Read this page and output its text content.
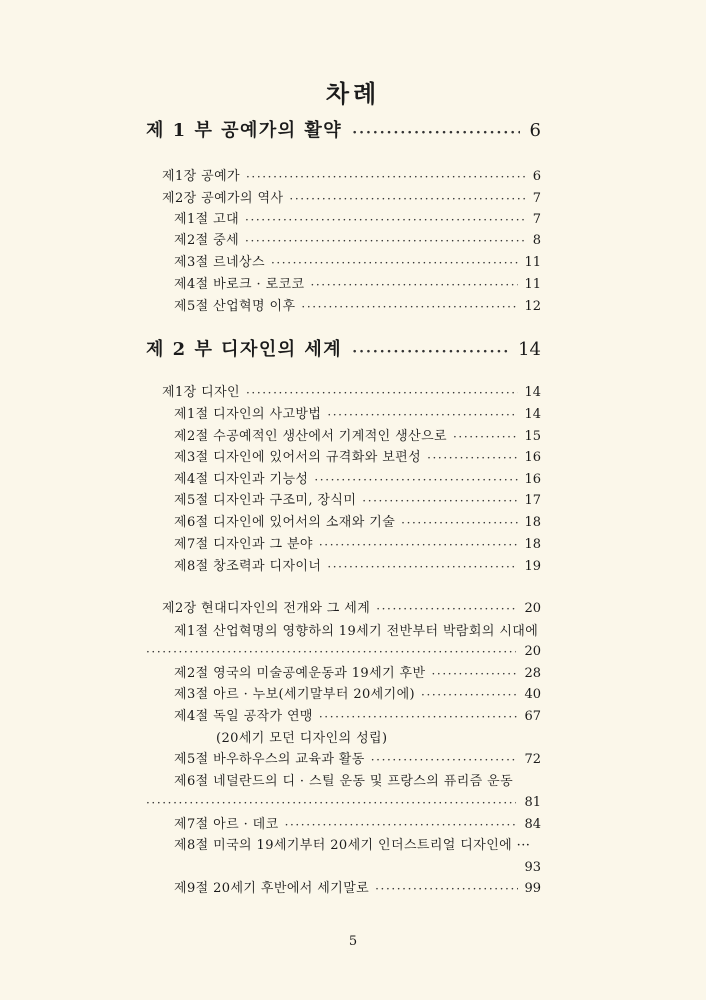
차례
제 1 부 공예가의 활약 ·····	6
제1장 공예가 ·····	6
제2장 공예가의 역사 ·····	7
제1절 고대 ·····	7
제2절 중세 ·····	8
제3절 르네상스 ·····	11
제4절 바로크 · 로코코 ·····	11
제5절 산업혁명 이후 ·····	12
제 2 부 디자인의 세계 ·····	14
제1장 디자인 ·····	14
제1절 디자인의 사고방법 ·····	14
제2절 수공예적인 생산에서 기계적인 생산으로 ·····	15
제3절 디자인에 있어서의 규격화와 보편성 ·····	16
제4절 디자인과 기능성 ·····	16
제5절 디자인과 구조미, 장식미 ·····	17
제6절 디자인에 있어서의 소재와 기술 ·····	18
제7절 디자인과 그 분야 ·····	18
제8절 창조력과 디자이너 ·····	19
제2장 현대디자인의 전개와 그 세계 ·····	20
제1절 산업혁명의 영향하의 19세기 전반부터 박람회의 시대에
·····
20
제2절 영국의 미술공예운동과 19세기 후반 ·····	28
제3절 아르 · 누보(세기말부터 20세기에) ·····	40
제4절 독일 공작가 연맹 ·····	67
(20세기 모던 디자인의 성립)
제5절 바우하우스의 교육과 활동 ·····	72
제6절 네덜란드의 디 · 스틸 운동 및 프랑스의 퓨리즘 운동
·····
81
제7절 아르 · 데코 ·····	84
제8절 미국의 19세기부터 20세기 인더스트리얼 디자인에 ···
93
제9절 20세기 후반에서 세기말로 ·····	99
5
